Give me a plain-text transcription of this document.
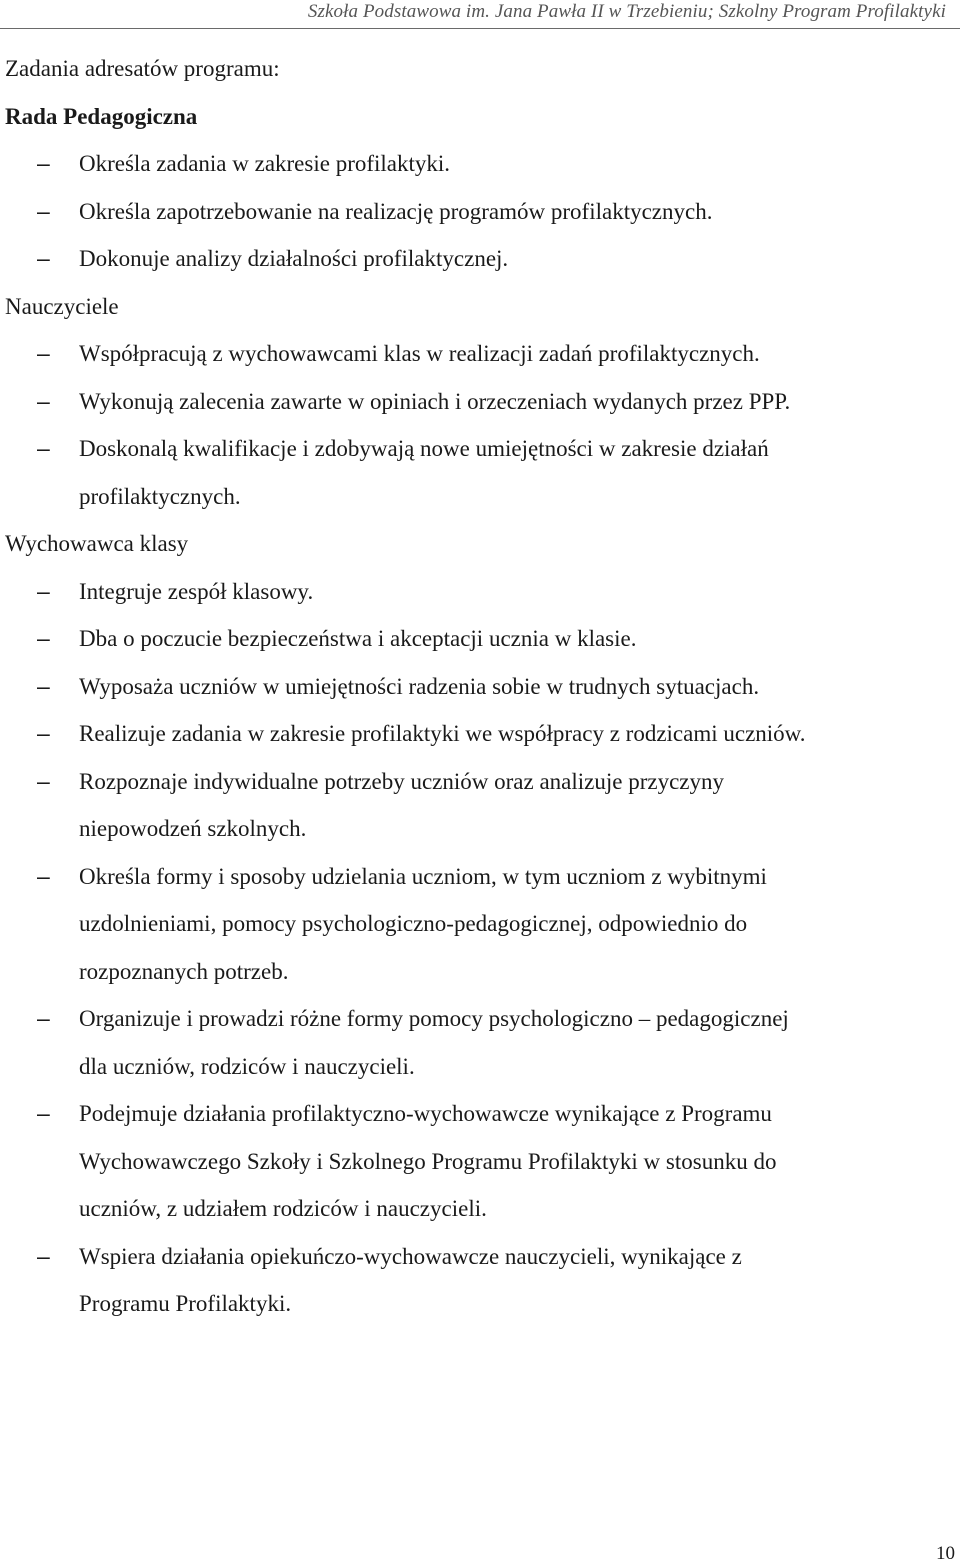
Szkoła Podstawowa im. Jana Pawła II w Trzebieniu; Szkolny Program Profilaktyki
Zadania adresatów programu:
Rada Pedagogiczna
– Określa zadania w zakresie profilaktyki.
– Określa zapotrzebowanie na realizację programów profilaktycznych.
– Dokonuje analizy działalności profilaktycznej.
Nauczyciele
– Współpracują z wychowawcami klas w realizacji zadań profilaktycznych.
– Wykonują zalecenia zawarte w opiniach i orzeczeniach wydanych przez PPP.
– Doskonalą kwalifikacje i zdobywają nowe umiejętności w zakresie działań
profilaktycznych.
Wychowawca klasy
– Integruje zespół klasowy.
– Dba o poczucie bezpieczeństwa i akceptacji ucznia w klasie.
– Wyposaża uczniów w umiejętności radzenia sobie w trudnych sytuacjach.
– Realizuje zadania w zakresie profilaktyki we współpracy z rodzicami uczniów.
– Rozpoznaje indywidualne potrzeby uczniów oraz analizuje przyczyny
niepowodzeń szkolnych.
– Określa formy i sposoby udzielania uczniom, w tym uczniom z wybitnymi
uzdolnieniami, pomocy psychologiczno-pedagogicznej, odpowiednio do
rozpoznanych potrzeb.
– Organizuje i prowadzi różne formy pomocy psychologiczno – pedagogicznej
dla uczniów, rodziców i nauczycieli.
– Podejmuje działania profilaktyczno-wychowawcze wynikające z Programu
Wychowawczego Szkoły i Szkolnego Programu Profilaktyki w stosunku do
uczniów, z udziałem rodziców i nauczycieli.
– Wspiera działania opiekuńczo-wychowawcze nauczycieli, wynikające z
Programu Profilaktyki.
10
